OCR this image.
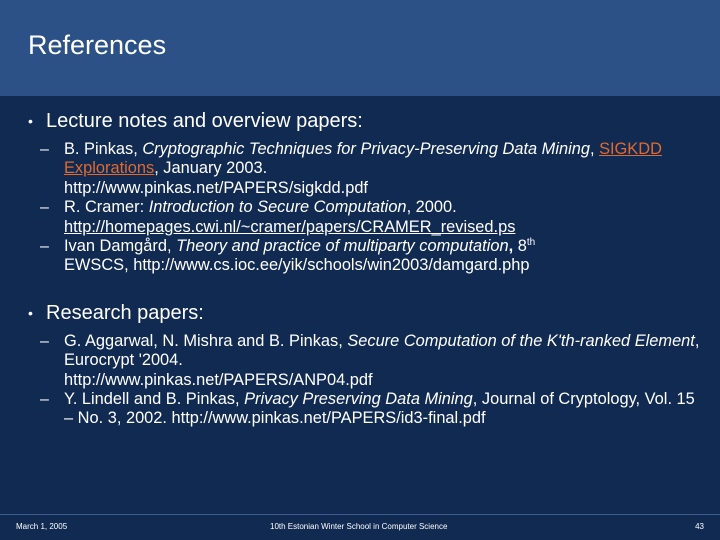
References
• Lecture notes and overview papers:
– B. Pinkas, Cryptographic Techniques for Privacy-Preserving Data Mining, SIGKDD Explorations, January 2003.
http://www.pinkas.net/PAPERS/sigkdd.pdf
– R. Cramer: Introduction to Secure Computation, 2000.
http://homepages.cwi.nl/~cramer/papers/CRAMER_revised.ps
– Ivan Damgård, Theory and practice of multiparty computation, 8th
EWSCS, http://www.cs.ioc.ee/yik/schools/win2003/damgard.php
• Research papers:
– G. Aggarwal, N. Mishra and B. Pinkas, Secure Computation of the K'th-ranked Element, Eurocrypt '2004.
http://www.pinkas.net/PAPERS/ANP04.pdf
– Y. Lindell and B. Pinkas, Privacy Preserving Data Mining, Journal of Cryptology, Vol. 15 – No. 3, 2002. http://www.pinkas.net/PAPERS/id3-final.pdf
March 1, 2005	10th Estonian Winter School in Computer Science	43
